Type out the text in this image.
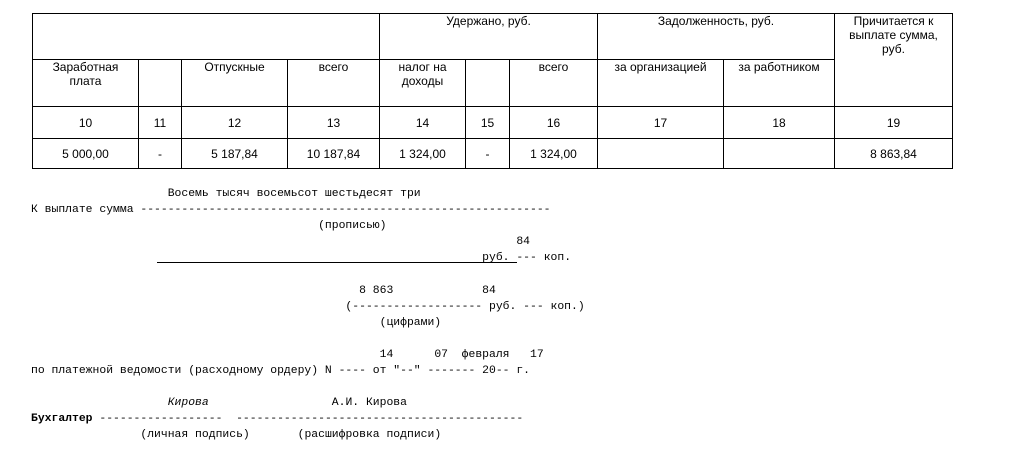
				Удержано, руб.			Задолженность, руб.		Причитается к выплате сумма, руб.
Заработная плата		Отпускные	всего	налог на доходы		всего	за организацией	за работником	
10	11	12	13	14	15	16	17	18	19
5 000,00	-	5 187,84	10 187,84	1 324,00	-	1 324,00			8 863,84
Восемь тысяч восемьсот шестьдесят три
К выплате сумма ------------------------------------------------------------
(прописью)
84
руб. --- коп.

8 863	84
(------------------- руб. --- коп.)
(цифрами)

14	07 февраля 17
по платежной ведомости (расходному ордеру) N ---- от "--" ------- 20-- г.

Кирова	А.И. Кирова
Бухгалтер ------------------  ------------------------------------------
(личная подпись)	(расшифровка подписи)
